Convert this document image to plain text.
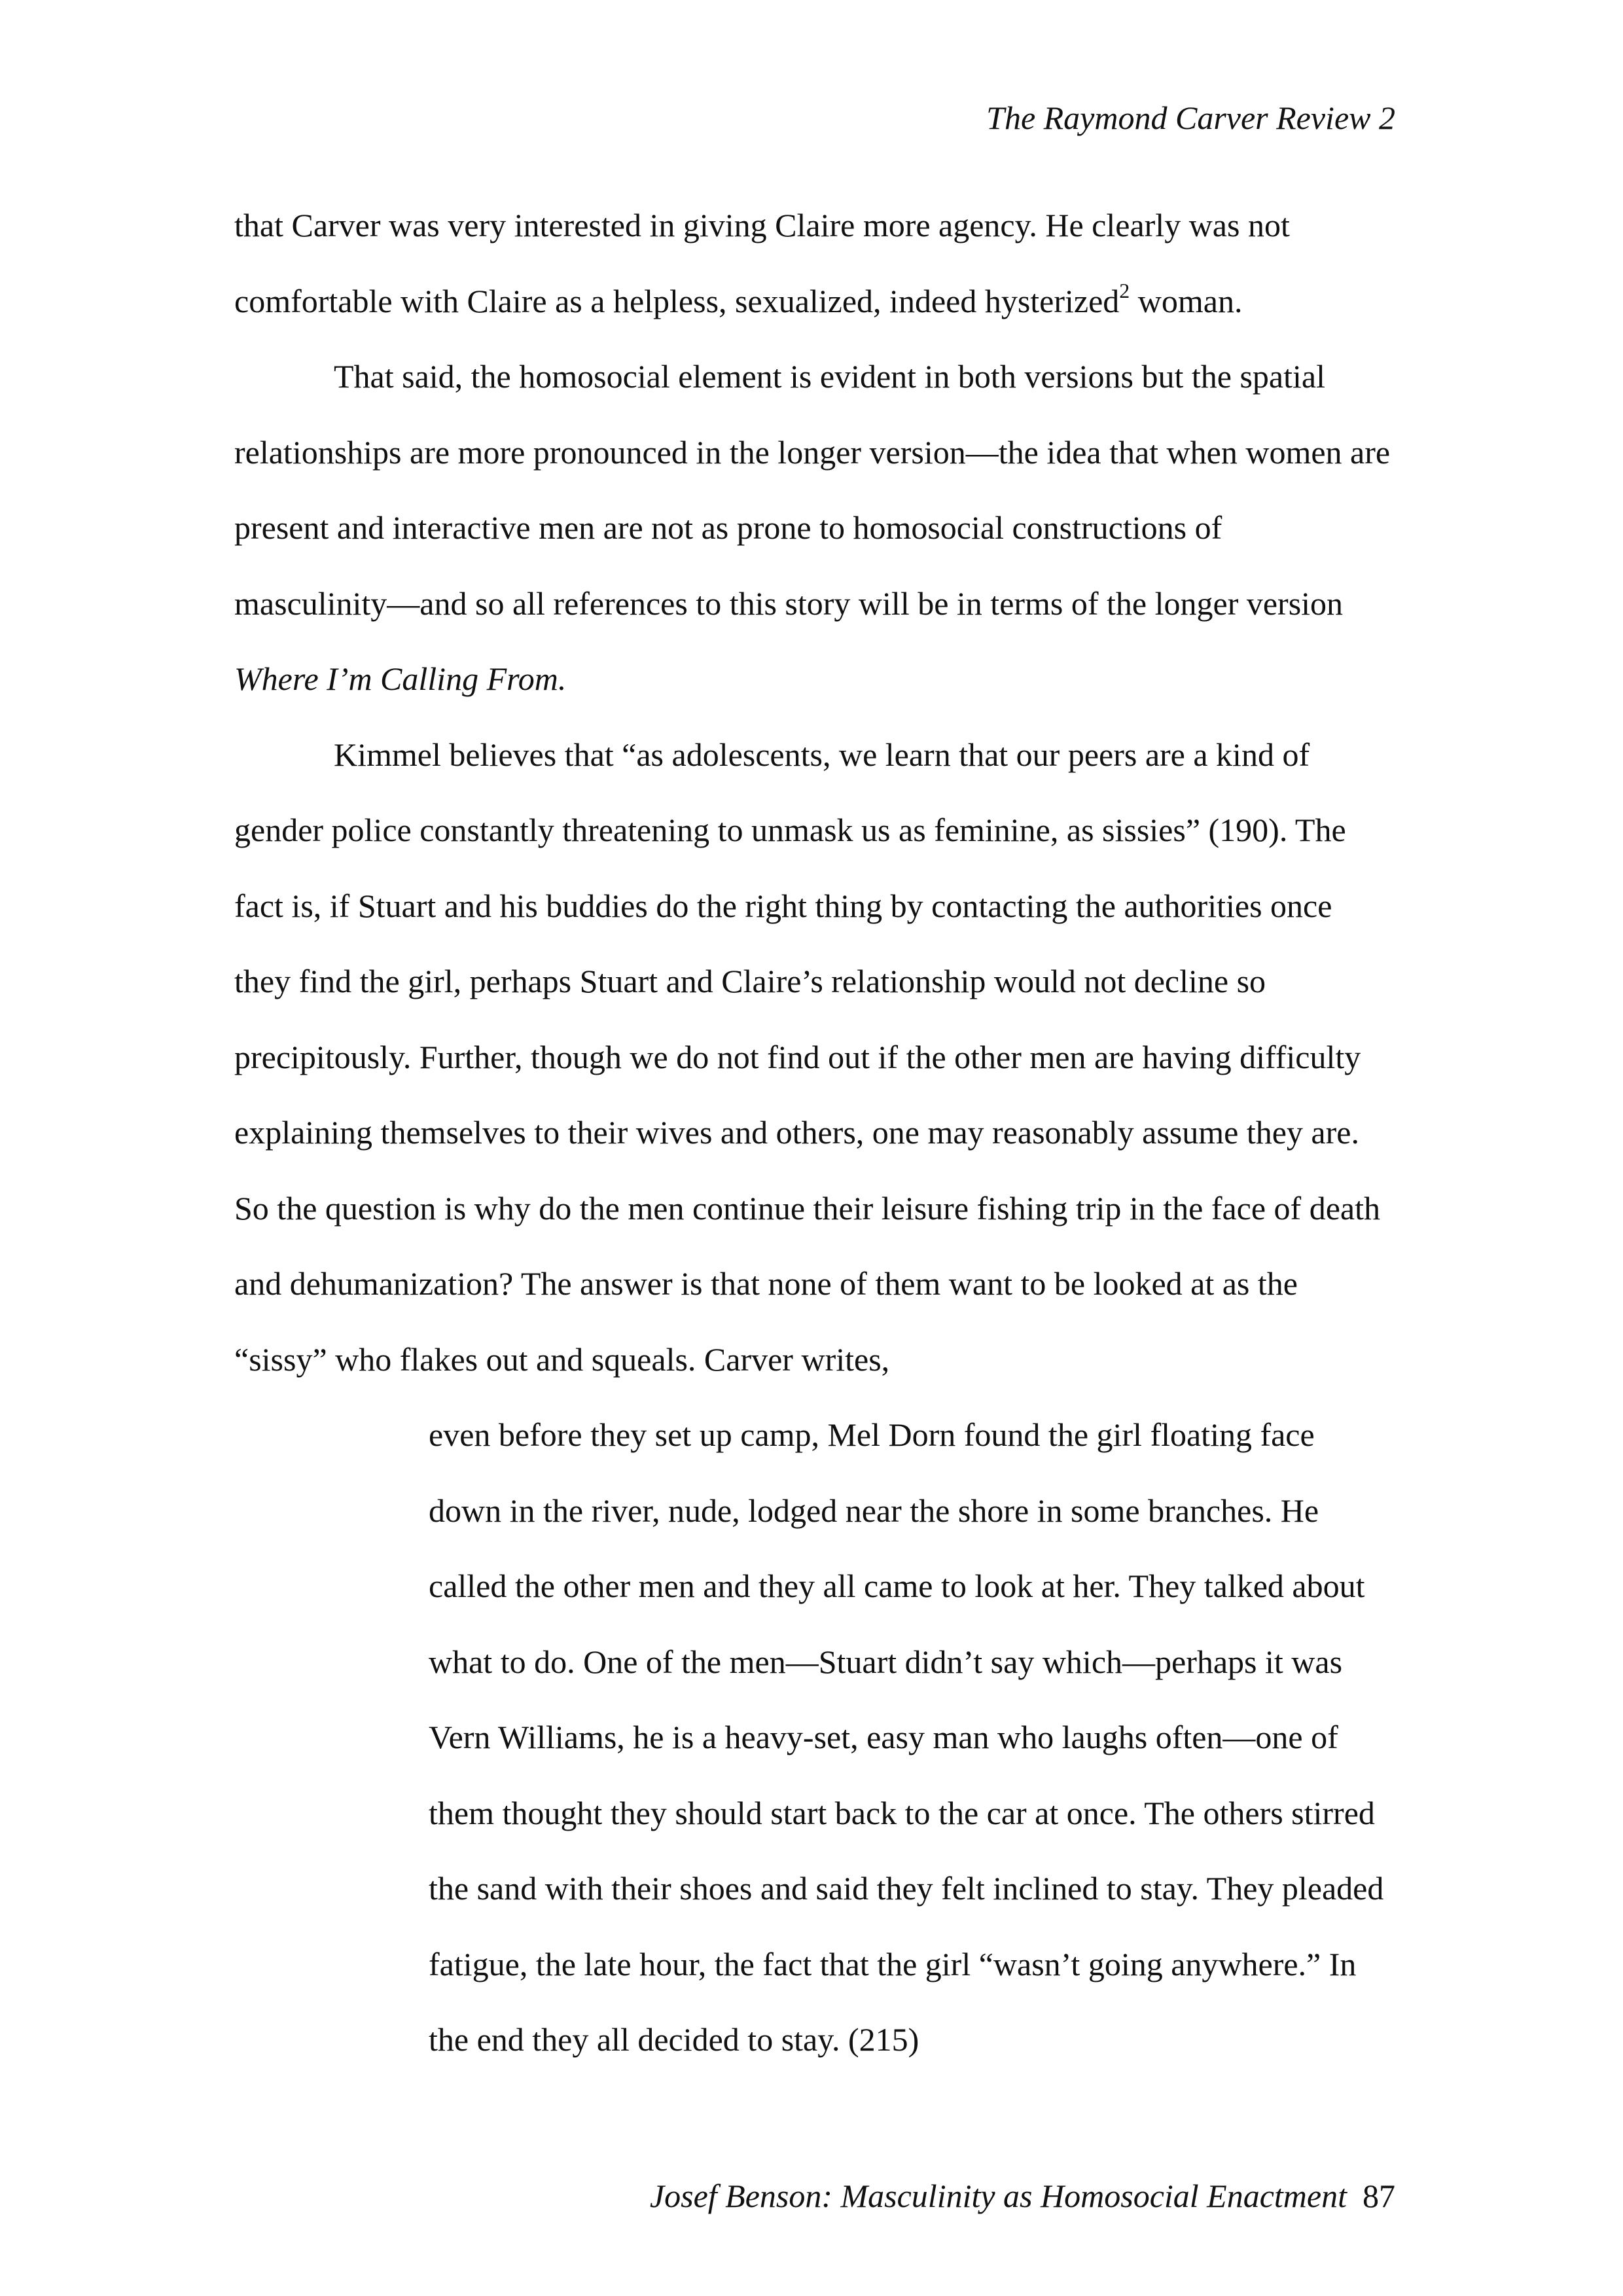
The Raymond Carver Review 2
that Carver was very interested in giving Claire more agency. He clearly was not
comfortable with Claire as a helpless, sexualized, indeed hysterized$^2$ woman.
That said, the homosocial element is evident in both versions but the spatial
relationships are more pronounced in the longer version—the idea that when women are
present and interactive men are not as prone to homosocial constructions of
masculinity—and so all references to this story will be in terms of the longer version
Where I’m Calling From.
Kimmel believes that “as adolescents, we learn that our peers are a kind of
gender police constantly threatening to unmask us as feminine, as sissies” (190). The
fact is, if Stuart and his buddies do the right thing by contacting the authorities once
they find the girl, perhaps Stuart and Claire’s relationship would not decline so
precipitously. Further, though we do not find out if the other men are having difficulty
explaining themselves to their wives and others, one may reasonably assume they are.
So the question is why do the men continue their leisure fishing trip in the face of death
and dehumanization? The answer is that none of them want to be looked at as the
“sissy” who flakes out and squeals. Carver writes,
even before they set up camp, Mel Dorn found the girl floating face
down in the river, nude, lodged near the shore in some branches. He
called the other men and they all came to look at her. They talked about
what to do. One of the men—Stuart didn’t say which—perhaps it was
Vern Williams, he is a heavy-set, easy man who laughs often—one of
them thought they should start back to the car at once. The others stirred
the sand with their shoes and said they felt inclined to stay. They pleaded
fatigue, the late hour, the fact that the girl “wasn’t going anywhere.” In
the end they all decided to stay. (215)
Josef Benson: Masculinity as Homosocial Enactment 87
